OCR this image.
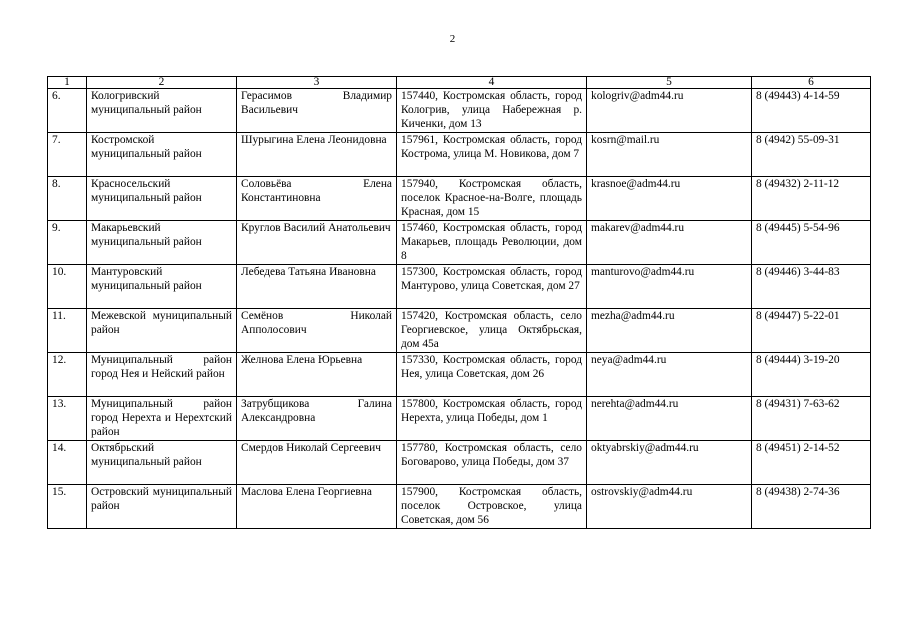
2
1	2	3	4	5	6
6.	Кологривский муниципальный район	Герасимов Владимир Васильевич	157440, Костромская область, город Кологрив, улица Набережная р. Киченки, дом 13	kologriv@adm44.ru	8 (49443) 4-14-59
7.	Костромской муниципальный район	Шурыгина Елена Леонидовна	157961, Костромская область, город Кострома, улица М. Новикова, дом 7	kosrn@mail.ru	8 (4942) 55-09-31
8.	Красносельский муниципальный район	Соловьёва Елена Константиновна	157940, Костромская область, поселок Красное-на-Волге, площадь Красная, дом 15	krasnoe@adm44.ru	8 (49432) 2-11-12
9.	Макарьевский муниципальный район	Круглов Василий Анатольевич	157460, Костромская область, город Макарьев, площадь Революции, дом 8	makarev@adm44.ru	8 (49445) 5-54-96
10.	Мантуровский муниципальный район	Лебедева Татьяна Ивановна	157300, Костромская область, город Мантурово, улица Советская, дом 27	manturovo@adm44.ru	8 (49446) 3-44-83
11.	Межевской муниципальный район	Семёнов Николай Апполосович	157420, Костромская область, село Георгиевское, улица Октябрьская, дом 45а	mezha@adm44.ru	8 (49447) 5-22-01
12.	Муниципальный район город Нея и Нейский район	Желнова Елена Юрьевна	157330, Костромская область, город Нея, улица Советская, дом 26	neya@adm44.ru	8 (49444) 3-19-20
13.	Муниципальный район город Нерехта и Нерехтский район	Затрубщикова Галина Александровна	157800, Костромская область, город Нерехта, улица Победы, дом 1	nerehta@adm44.ru	8 (49431) 7-63-62
14.	Октябрьский муниципальный район	Смердов Николай Сергеевич	157780, Костромская область, село Боговарово, улица Победы, дом 37	oktyabrskiy@adm44.ru	8 (49451) 2-14-52
15.	Островский муниципальный район	Маслова Елена Георгиевна	157900, Костромская область, поселок Островское, улица Советская, дом 56	ostrovskiy@adm44.ru	8 (49438) 2-74-36
